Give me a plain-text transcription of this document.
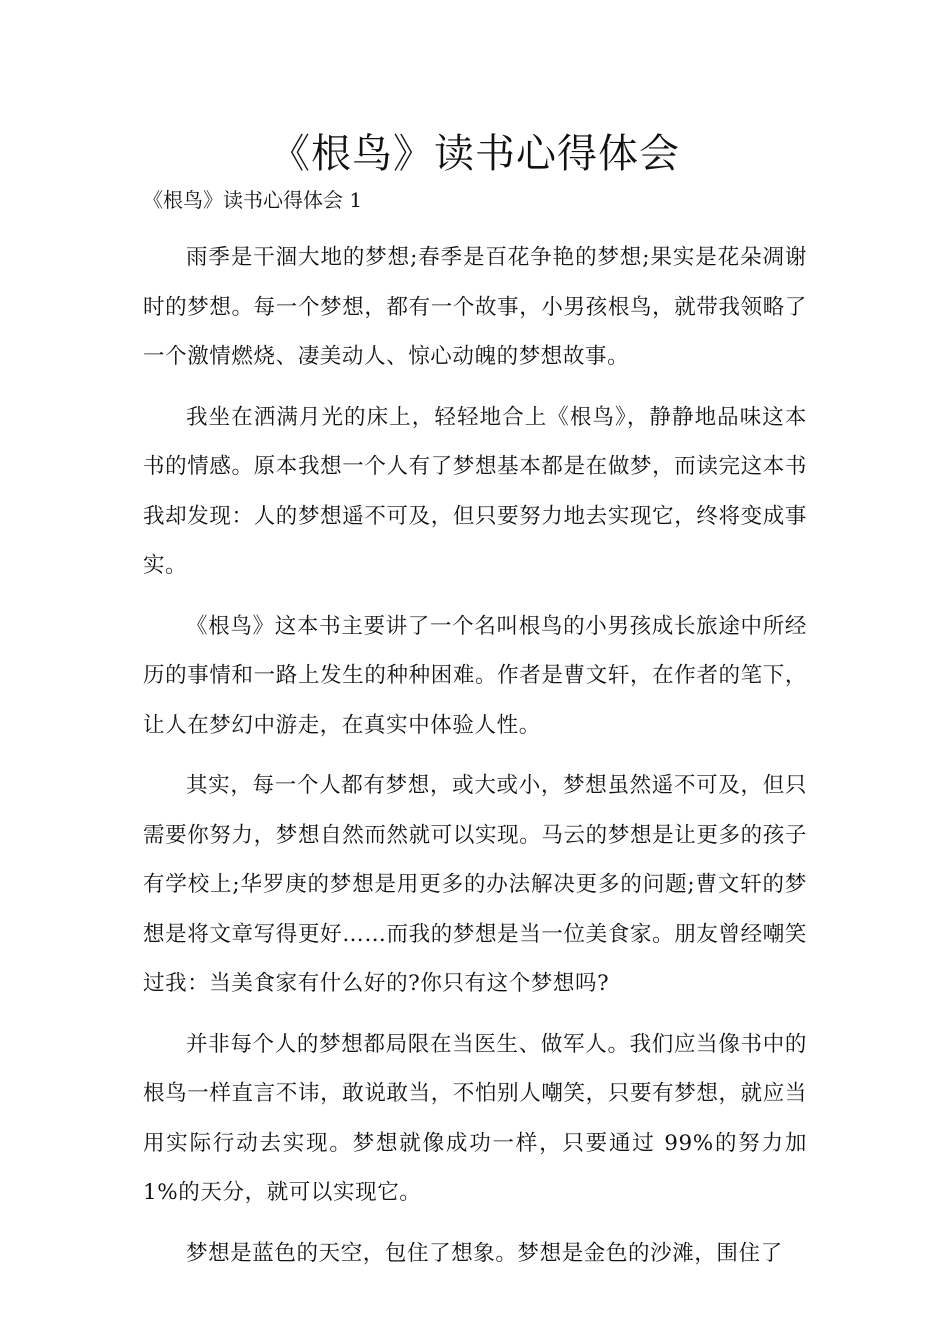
《根鸟》读书心得体会
《根鸟》读书心得体会 1

雨季是干涸大地的梦想;春季是百花争艳的梦想;果实是花朵凋谢时的梦想。每一个梦想，都有一个故事，小男孩根鸟，就带我领略了一个激情燃烧、凄美动人、惊心动魄的梦想故事。

我坐在洒满月光的床上，轻轻地合上《根鸟》，静静地品味这本书的情感。原本我想一个人有了梦想基本都是在做梦，而读完这本书我却发现：人的梦想遥不可及，但只要努力地去实现它，终将变成事实。

《根鸟》这本书主要讲了一个名叫根鸟的小男孩成长旅途中所经历的事情和一路上发生的种种困难。作者是曹文轩，在作者的笔下，让人在梦幻中游走，在真实中体验人性。

其实，每一个人都有梦想，或大或小，梦想虽然遥不可及，但只需要你努力，梦想自然而然就可以实现。马云的梦想是让更多的孩子有学校上;华罗庚的梦想是用更多的办法解决更多的问题;曹文轩的梦想是将文章写得更好……而我的梦想是当一位美食家。朋友曾经嘲笑过我：当美食家有什么好的?你只有这个梦想吗?

并非每个人的梦想都局限在当医生、做军人。我们应当像书中的根鸟一样直言不讳，敢说敢当，不怕别人嘲笑，只要有梦想，就应当用实际行动去实现。梦想就像成功一样，只要通过 99%的努力加 1%的天分，就可以实现它。

梦想是蓝色的天空，包住了想象。梦想是金色的沙滩，围住了
